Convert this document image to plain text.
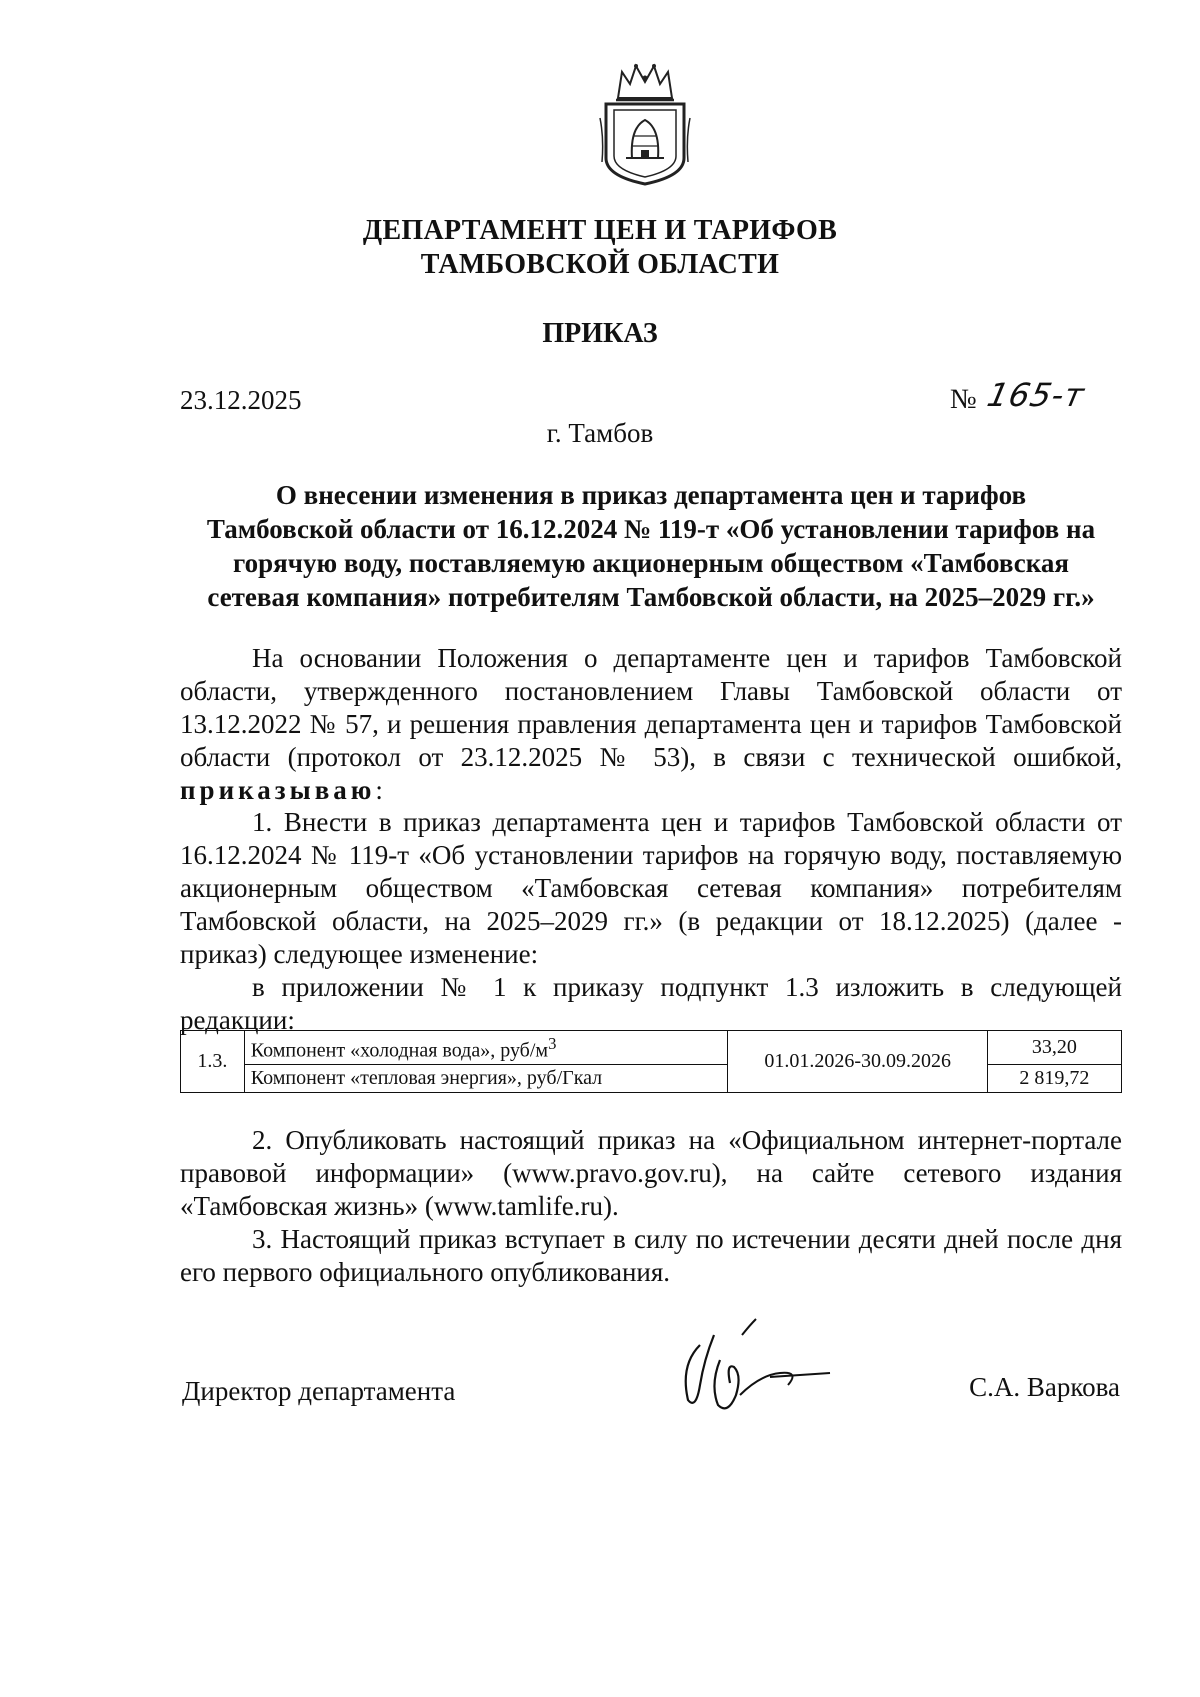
ДЕПАРТАМЕНТ ЦЕН И ТАРИФОВ
ТАМБОВСКОЙ ОБЛАСТИ
ПРИКАЗ
23.12.2025	№ 165-т
г. Тамбов
О внесении изменения в приказ департамента цен и тарифов
Тамбовской области от 16.12.2024 № 119-т «Об установлении тарифов на
горячую воду, поставляемую акционерным обществом «Тамбовская
сетевая компания» потребителям Тамбовской области, на 2025–2029 гг.»

На основании Положения о департаменте цен и тарифов Тамбовской области, утвержденного постановлением Главы Тамбовской области от 13.12.2022 № 57, и решения правления департамента цен и тарифов Тамбовской области (протокол от 23.12.2025 № 53), в связи с технической ошибкой, приказываю:

1. Внести в приказ департамента цен и тарифов Тамбовской области от 16.12.2024 № 119-т «Об установлении тарифов на горячую воду, поставляемую акционерным обществом «Тамбовская сетевая компания» потребителям Тамбовской области, на 2025–2029 гг.» (в редакции от 18.12.2025) (далее - приказ) следующее изменение:

в приложении № 1 к приказу подпункт 1.3 изложить в следующей редакции:

1.3.	Компонент «холодная вода», руб/$м^3$	01.01.2026-30.09.2026	33,20
	Компонент «тепловая энергия», руб/Гкал		2 819,72

2. Опубликовать настоящий приказ на «Официальном интернет-портале правовой информации» (www.pravo.gov.ru), на сайте сетевого издания «Тамбовская жизнь» (www.tamlife.ru).

3. Настоящий приказ вступает в силу по истечении десяти дней после дня его первого официального опубликования.

Директор департамента	С.А. Варкова
